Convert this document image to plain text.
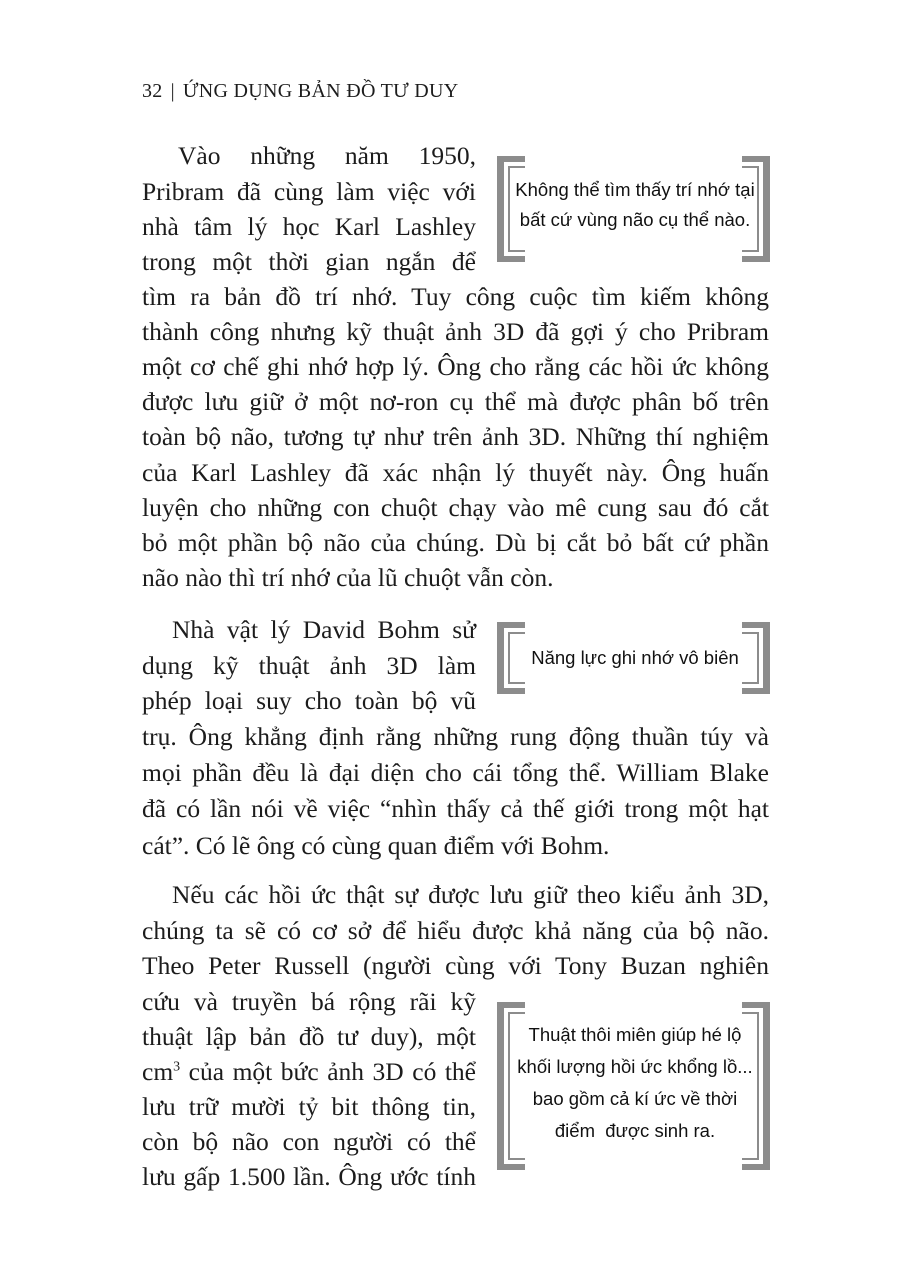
32 | ỨNG DỤNG BẢN ĐỒ TƯ DUY
Vào những năm 1950,
Pribram đã cùng làm việc với
nhà tâm lý học Karl Lashley
trong một thời gian ngắn để
tìm ra bản đồ trí nhớ. Tuy công cuộc tìm kiếm không
thành công nhưng kỹ thuật ảnh 3D đã gợi ý cho Pribram
một cơ chế ghi nhớ hợp lý. Ông cho rằng các hồi ức không
được lưu giữ ở một nơ-ron cụ thể mà được phân bố trên
toàn bộ não, tương tự như trên ảnh 3D. Những thí nghiệm
của Karl Lashley đã xác nhận lý thuyết này. Ông huấn
luyện cho những con chuột chạy vào mê cung sau đó cắt
bỏ một phần bộ não của chúng. Dù bị cắt bỏ bất cứ phần
não nào thì trí nhớ của lũ chuột vẫn còn.
Nhà vật lý David Bohm sử
dụng kỹ thuật ảnh 3D làm
phép loại suy cho toàn bộ vũ
trụ. Ông khẳng định rằng những rung động thuần túy và
mọi phần đều là đại diện cho cái tổng thể. William Blake
đã có lần nói về việc “nhìn thấy cả thế giới trong một hạt
cát”. Có lẽ ông có cùng quan điểm với Bohm.
Nếu các hồi ức thật sự được lưu giữ theo kiểu ảnh 3D,
chúng ta sẽ có cơ sở để hiểu được khả năng của bộ não.
Theo Peter Russell (người cùng với Tony Buzan nghiên
cứu và truyền bá rộng rãi kỹ
thuật lập bản đồ tư duy), một
$cm^3$ của một bức ảnh 3D có thể
lưu trữ mười tỷ bit thông tin,
còn bộ não con người có thể
lưu gấp 1.500 lần. Ông ước tính
Không thể tìm thấy trí nhớ tại
bất cứ vùng não cụ thể nào.
Năng lực ghi nhớ vô biên
Thuật thôi miên giúp hé lộ
khối lượng hồi ức khổng lồ...
bao gồm cả kí ức về thời
điểm  được sinh ra.
